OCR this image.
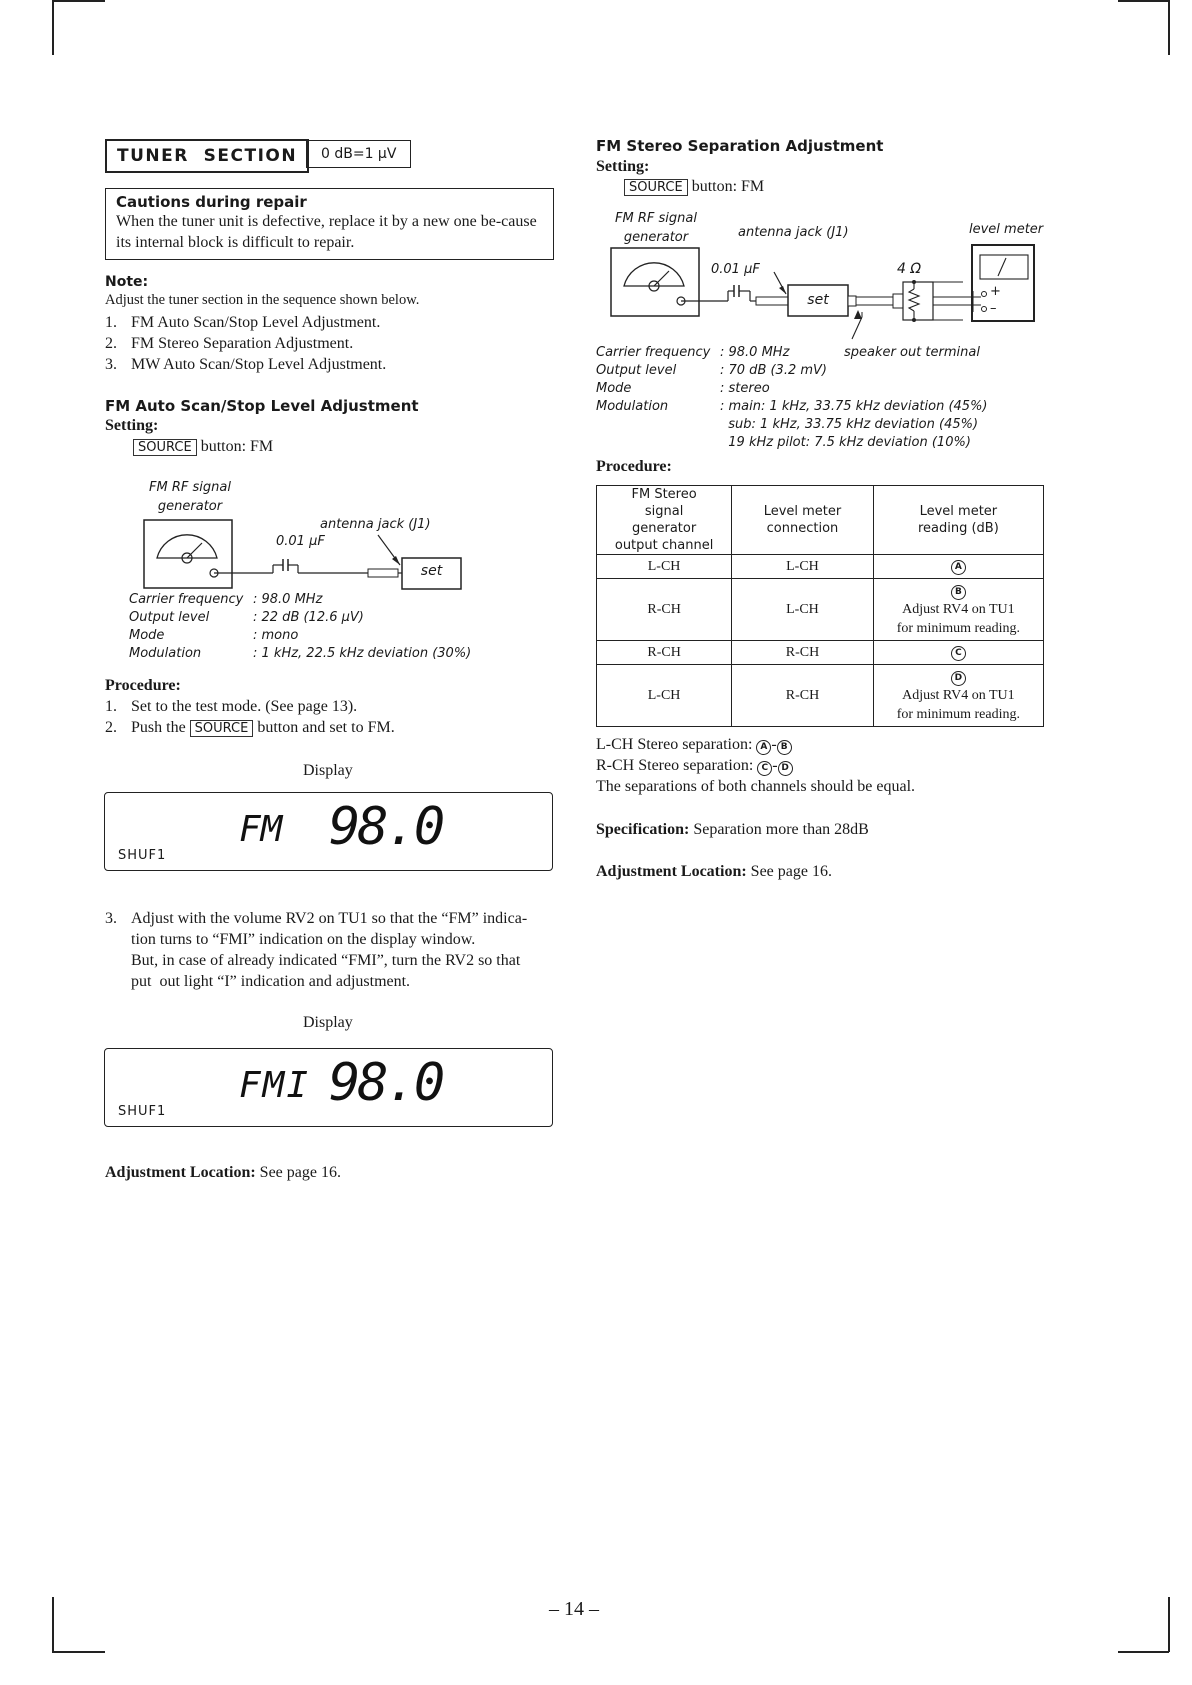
TUNER  SECTION	0 dB=1 μV
Cautions during repair
When the tuner unit is defective, replace it by a new one be-cause its internal block is difficult to repair.
Note:
Adjust the tuner section in the sequence shown below.
1. FM Auto Scan/Stop Level Adjustment.
2. FM Stereo Separation Adjustment.
3. MW Auto Scan/Stop Level Adjustment.
FM Auto Scan/Stop Level Adjustment
Setting:
SOURCE button: FM
FM RF signal generator
antenna jack (J1)
0.01 μF
set
Carrier frequency : 98.0 MHz
Output level	: 22 dB (12.6 μV)
Mode	: mono
Modulation	: 1 kHz, 22.5 kHz deviation (30%)
Procedure:
1. Set to the test mode. (See page 13).
2. Push the SOURCE button and set to FM.
Display
FM 98.0
SHUF1
3. Adjust with the volume RV2 on TU1 so that the “FM” indica-
tion turns to “FMI” indication on the display window.
But, in case of already indicated “FMI”, turn the RV2 so that
put  out light “I” indication and adjustment.
Display
FMI 98.0
SHUF1
Adjustment Location: See page 16.
FM Stereo Separation Adjustment
Setting:
SOURCE button: FM
FM RF signal generator	antenna jack (J1)	level meter
0.01 μF	4 Ω
set
+
–
speaker out terminal
Carrier frequency : 98.0 MHz
Output level	: 70 dB (3.2 mV)
Mode	: stereo
Modulation	: main: 1 kHz, 33.75 kHz deviation (45%)
sub: 1 kHz, 33.75 kHz deviation (45%)
19 kHz pilot: 7.5 kHz deviation (10%)
Procedure:
FM Stereo signal generator output channel	Level meter connection	Level meter reading (dB)
L-CH	L-CH	A
R-CH	L-CH	B
Adjust RV4 on TU1
for minimum reading.
R-CH	R-CH	C
L-CH	R-CH	D
Adjust RV4 on TU1
for minimum reading.
L-CH Stereo separation: A - B
R-CH Stereo separation: C - D
The separations of both channels should be equal.
Specification: Separation more than 28dB
Adjustment Location: See page 16.
– 14 –
